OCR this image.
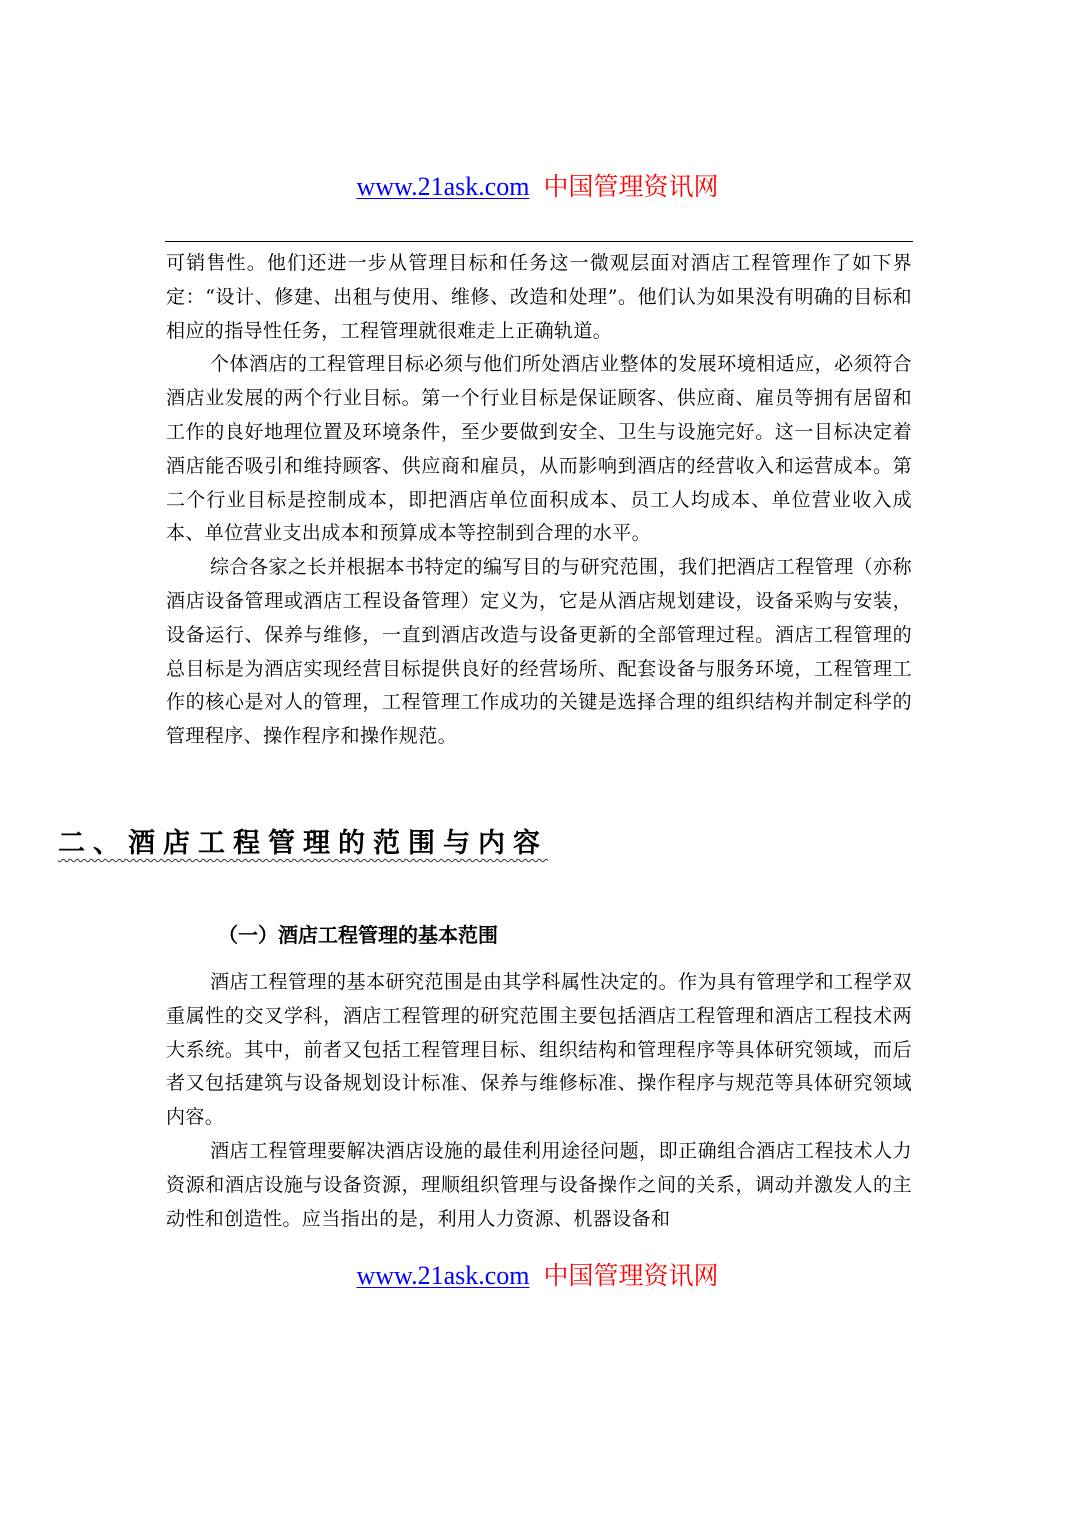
www.21ask.com 中国管理资讯网

可销售性。他们还进一步从管理目标和任务这一微观层面对酒店工程管理作了如下界定：“设计、修建、出租与使用、维修、改造和处理”。他们认为如果没有明确的目标和相应的指导性任务，工程管理就很难走上正确轨道。

个体酒店的工程管理目标必须与他们所处酒店业整体的发展环境相适应，必须符合酒店业发展的两个行业目标。第一个行业目标是保证顾客、供应商、雇员等拥有居留和工作的良好地理位置及环境条件，至少要做到安全、卫生与设施完好。这一目标决定着酒店能否吸引和维持顾客、供应商和雇员，从而影响到酒店的经营收入和运营成本。第二个行业目标是控制成本，即把酒店单位面积成本、员工人均成本、单位营业收入成本、单位营业支出成本和预算成本等控制到合理的水平。

综合各家之长并根据本书特定的编写目的与研究范围，我们把酒店工程管理（亦称酒店设备管理或酒店工程设备管理）定义为，它是从酒店规划建设，设备采购与安装，设备运行、保养与维修，一直到酒店改造与设备更新的全部管理过程。酒店工程管理的总目标是为酒店实现经营目标提供良好的经营场所、配套设备与服务环境，工程管理工作的核心是对人的管理，工程管理工作成功的关键是选择合理的组织结构并制定科学的管理程序、操作程序和操作规范。

二、酒店工程管理的范围与内容
（一）酒店工程管理的基本范围

酒店工程管理的基本研究范围是由其学科属性决定的。作为具有管理学和工程学双重属性的交叉学科，酒店工程管理的研究范围主要包括酒店工程管理和酒店工程技术两大系统。其中，前者又包括工程管理目标、组织结构和管理程序等具体研究领域，而后者又包括建筑与设备规划设计标准、保养与维修标准、操作程序与规范等具体研究领域内容。

酒店工程管理要解决酒店设施的最佳利用途径问题，即正确组合酒店工程技术人力资源和酒店设施与设备资源，理顺组织管理与设备操作之间的关系，调动并激发人的主动性和创造性。应当指出的是，利用人力资源、机器设备和

www.21ask.com 中国管理资讯网
